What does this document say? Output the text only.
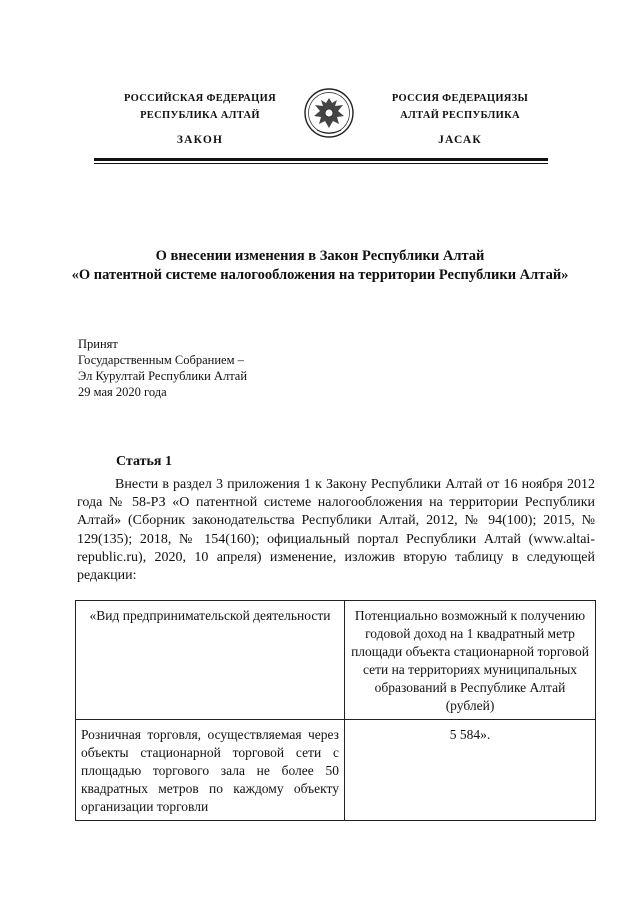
РОССИЙСКАЯ ФЕДЕРАЦИЯ
РЕСПУБЛИКА АЛТАЙ
ЗАКОН
РОССИЯ ФЕДЕРАЦИЯЗЫ
АЛТАЙ РЕСПУБЛИКА
JАСАК
О внесении изменения в Закон Республики Алтай
«О патентной системе налогообложения на территории Республики Алтай»
Принят
Государственным Собранием –
Эл Курултай Республики Алтай
29 мая 2020 года
Статья 1
Внести в раздел 3 приложения 1 к Закону Республики Алтай от 16 ноября 2012 года № 58-РЗ «О патентной системе налогообложения на территории Республики Алтай» (Сборник законодательства Республики Алтай, 2012, № 94(100); 2015, № 129(135); 2018, № 154(160); официальный портал Республики Алтай (www.altai-republic.ru), 2020, 10 апреля) изменение, изложив вторую таблицу в следующей редакции:
«Вид предпринимательской деятельности	Потенциально возможный к получению годовой доход на 1 квадратный метр площади объекта стационарной торговой сети на территориях муниципальных образований в Республике Алтай (рублей)
Розничная торговля, осуществляемая через объекты стационарной торговой сети с площадью торгового зала не более 50 квадратных метров по каждому объекту организации торговли	5 584».
